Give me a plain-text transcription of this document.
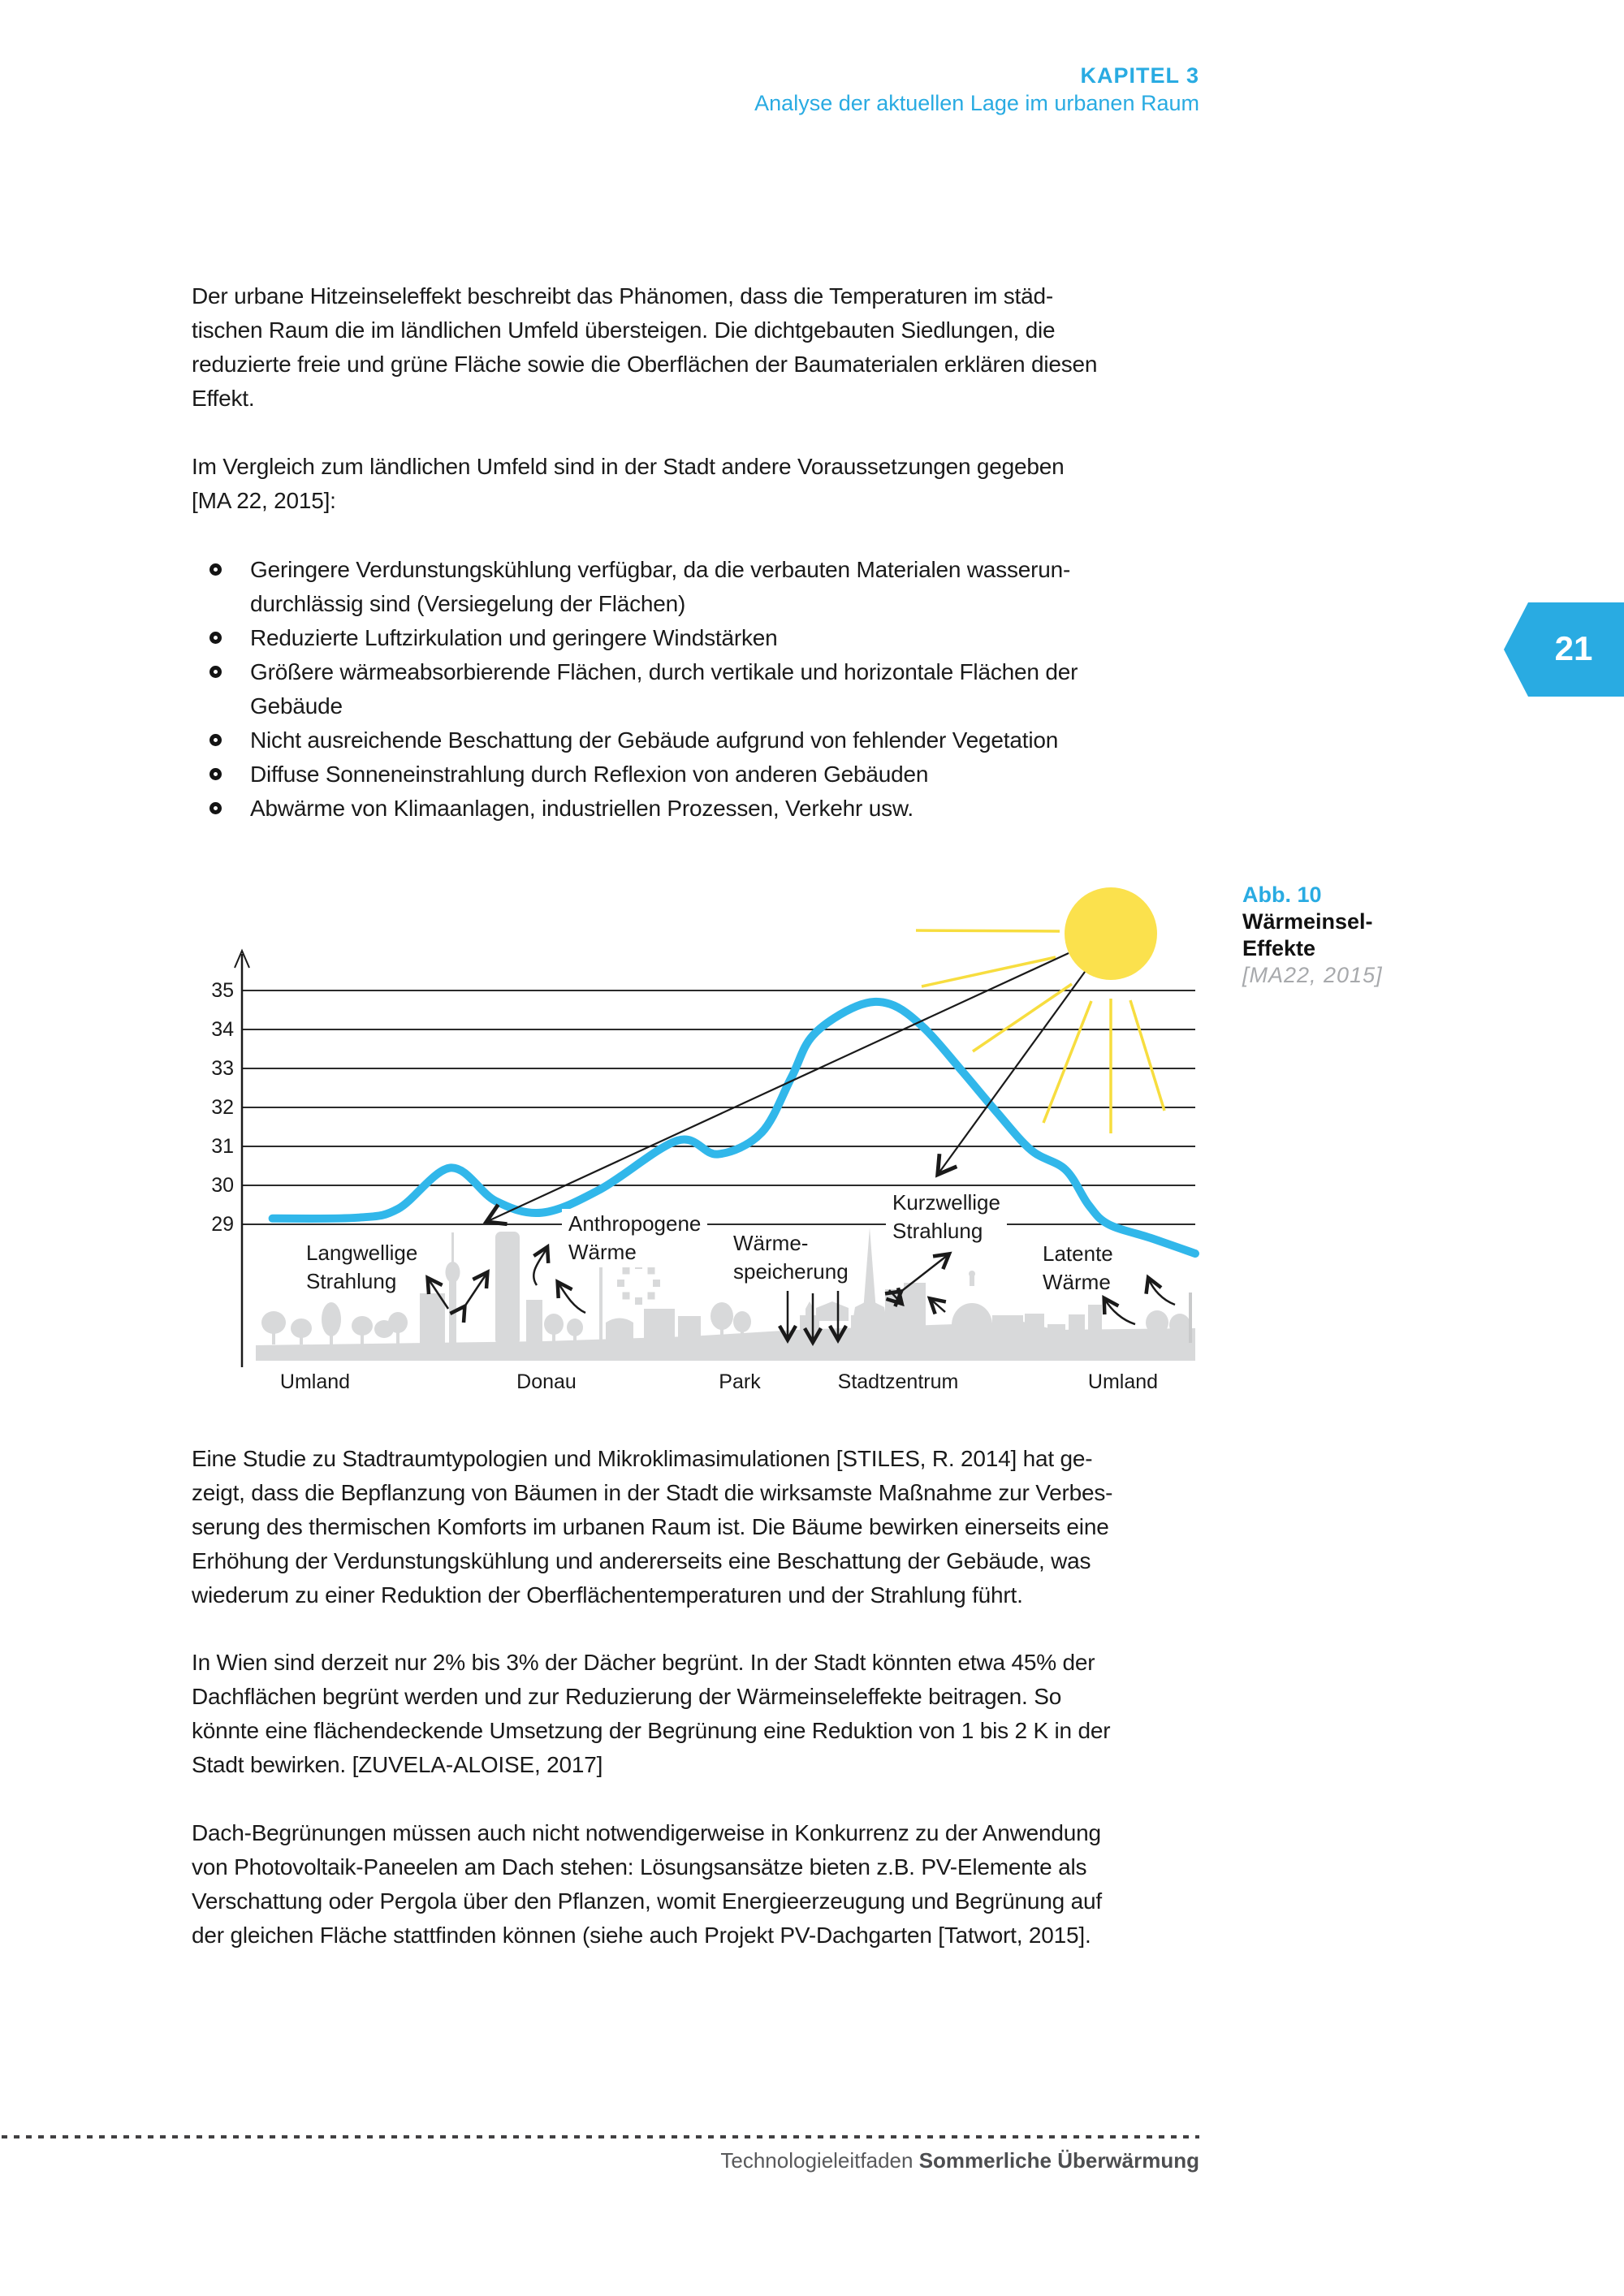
KAPITEL 3
Analyse der aktuellen Lage im urbanen Raum
21
Der urbane Hitzeinseleffekt beschreibt das Phänomen, dass die Temperaturen im städ-
tischen Raum die im ländlichen Umfeld übersteigen. Die dichtgebauten Siedlungen, die
reduzierte freie und grüne Fläche sowie die Oberflächen der Baumaterialen erklären diesen
Effekt.
Im Vergleich zum ländlichen Umfeld sind in der Stadt andere Voraussetzungen gegeben
[MA 22, 2015]:
Geringere Verdunstungskühlung verfügbar, da die verbauten Materialen wasserun-
durchlässig sind (Versiegelung der Flächen)
Reduzierte Luftzirkulation und geringere Windstärken
Größere wärmeabsorbierende Flächen, durch vertikale und horizontale Flächen der
Gebäude
Nicht ausreichende Beschattung der Gebäude aufgrund von fehlender Vegetation
Diffuse Sonneneinstrahlung durch Reflexion von anderen Gebäuden
Abwärme von Klimaanlagen, industriellen Prozessen, Verkehr usw.
35
34
33
32
31
30
29
Langwellige
Strahlung
Anthropogene
Wärme	Wärme-
speicherung
Kurzwellige
Strahlung
Latente
Wärme
Umland	Donau	Park	Stadtzentrum	Umland
Abb. 10
Wärmeinsel-
Effekte
[MA22, 2015]
Eine Studie zu Stadtraumtypologien und Mikroklimasimulationen [STILES, R. 2014] hat ge-
zeigt, dass die Bepflanzung von Bäumen in der Stadt die wirksamste Maßnahme zur Verbes-
serung des thermischen Komforts im urbanen Raum ist. Die Bäume bewirken einerseits eine
Erhöhung der Verdunstungskühlung und andererseits eine Beschattung der Gebäude, was
wiederum zu einer Reduktion der Oberflächentemperaturen und der Strahlung führt.
In Wien sind derzeit nur 2% bis 3% der Dächer begrünt. In der Stadt könnten etwa 45% der
Dachflächen begrünt werden und zur Reduzierung der Wärmeinseleffekte beitragen. So
könnte eine flächendeckende Umsetzung der Begrünung eine Reduktion von 1 bis 2 K in der
Stadt bewirken. [ZUVELA-ALOISE, 2017]
Dach-Begrünungen müssen auch nicht notwendigerweise in Konkurrenz zu der Anwendung
von Photovoltaik-Paneelen am Dach stehen: Lösungsansätze bieten z.B. PV-Elemente als
Verschattung oder Pergola über den Pflanzen, womit Energieerzeugung und Begrünung auf
der gleichen Fläche stattfinden können (siehe auch Projekt PV-Dachgarten [Tatwort, 2015].
Technologieleitfaden Sommerliche Überwärmung
